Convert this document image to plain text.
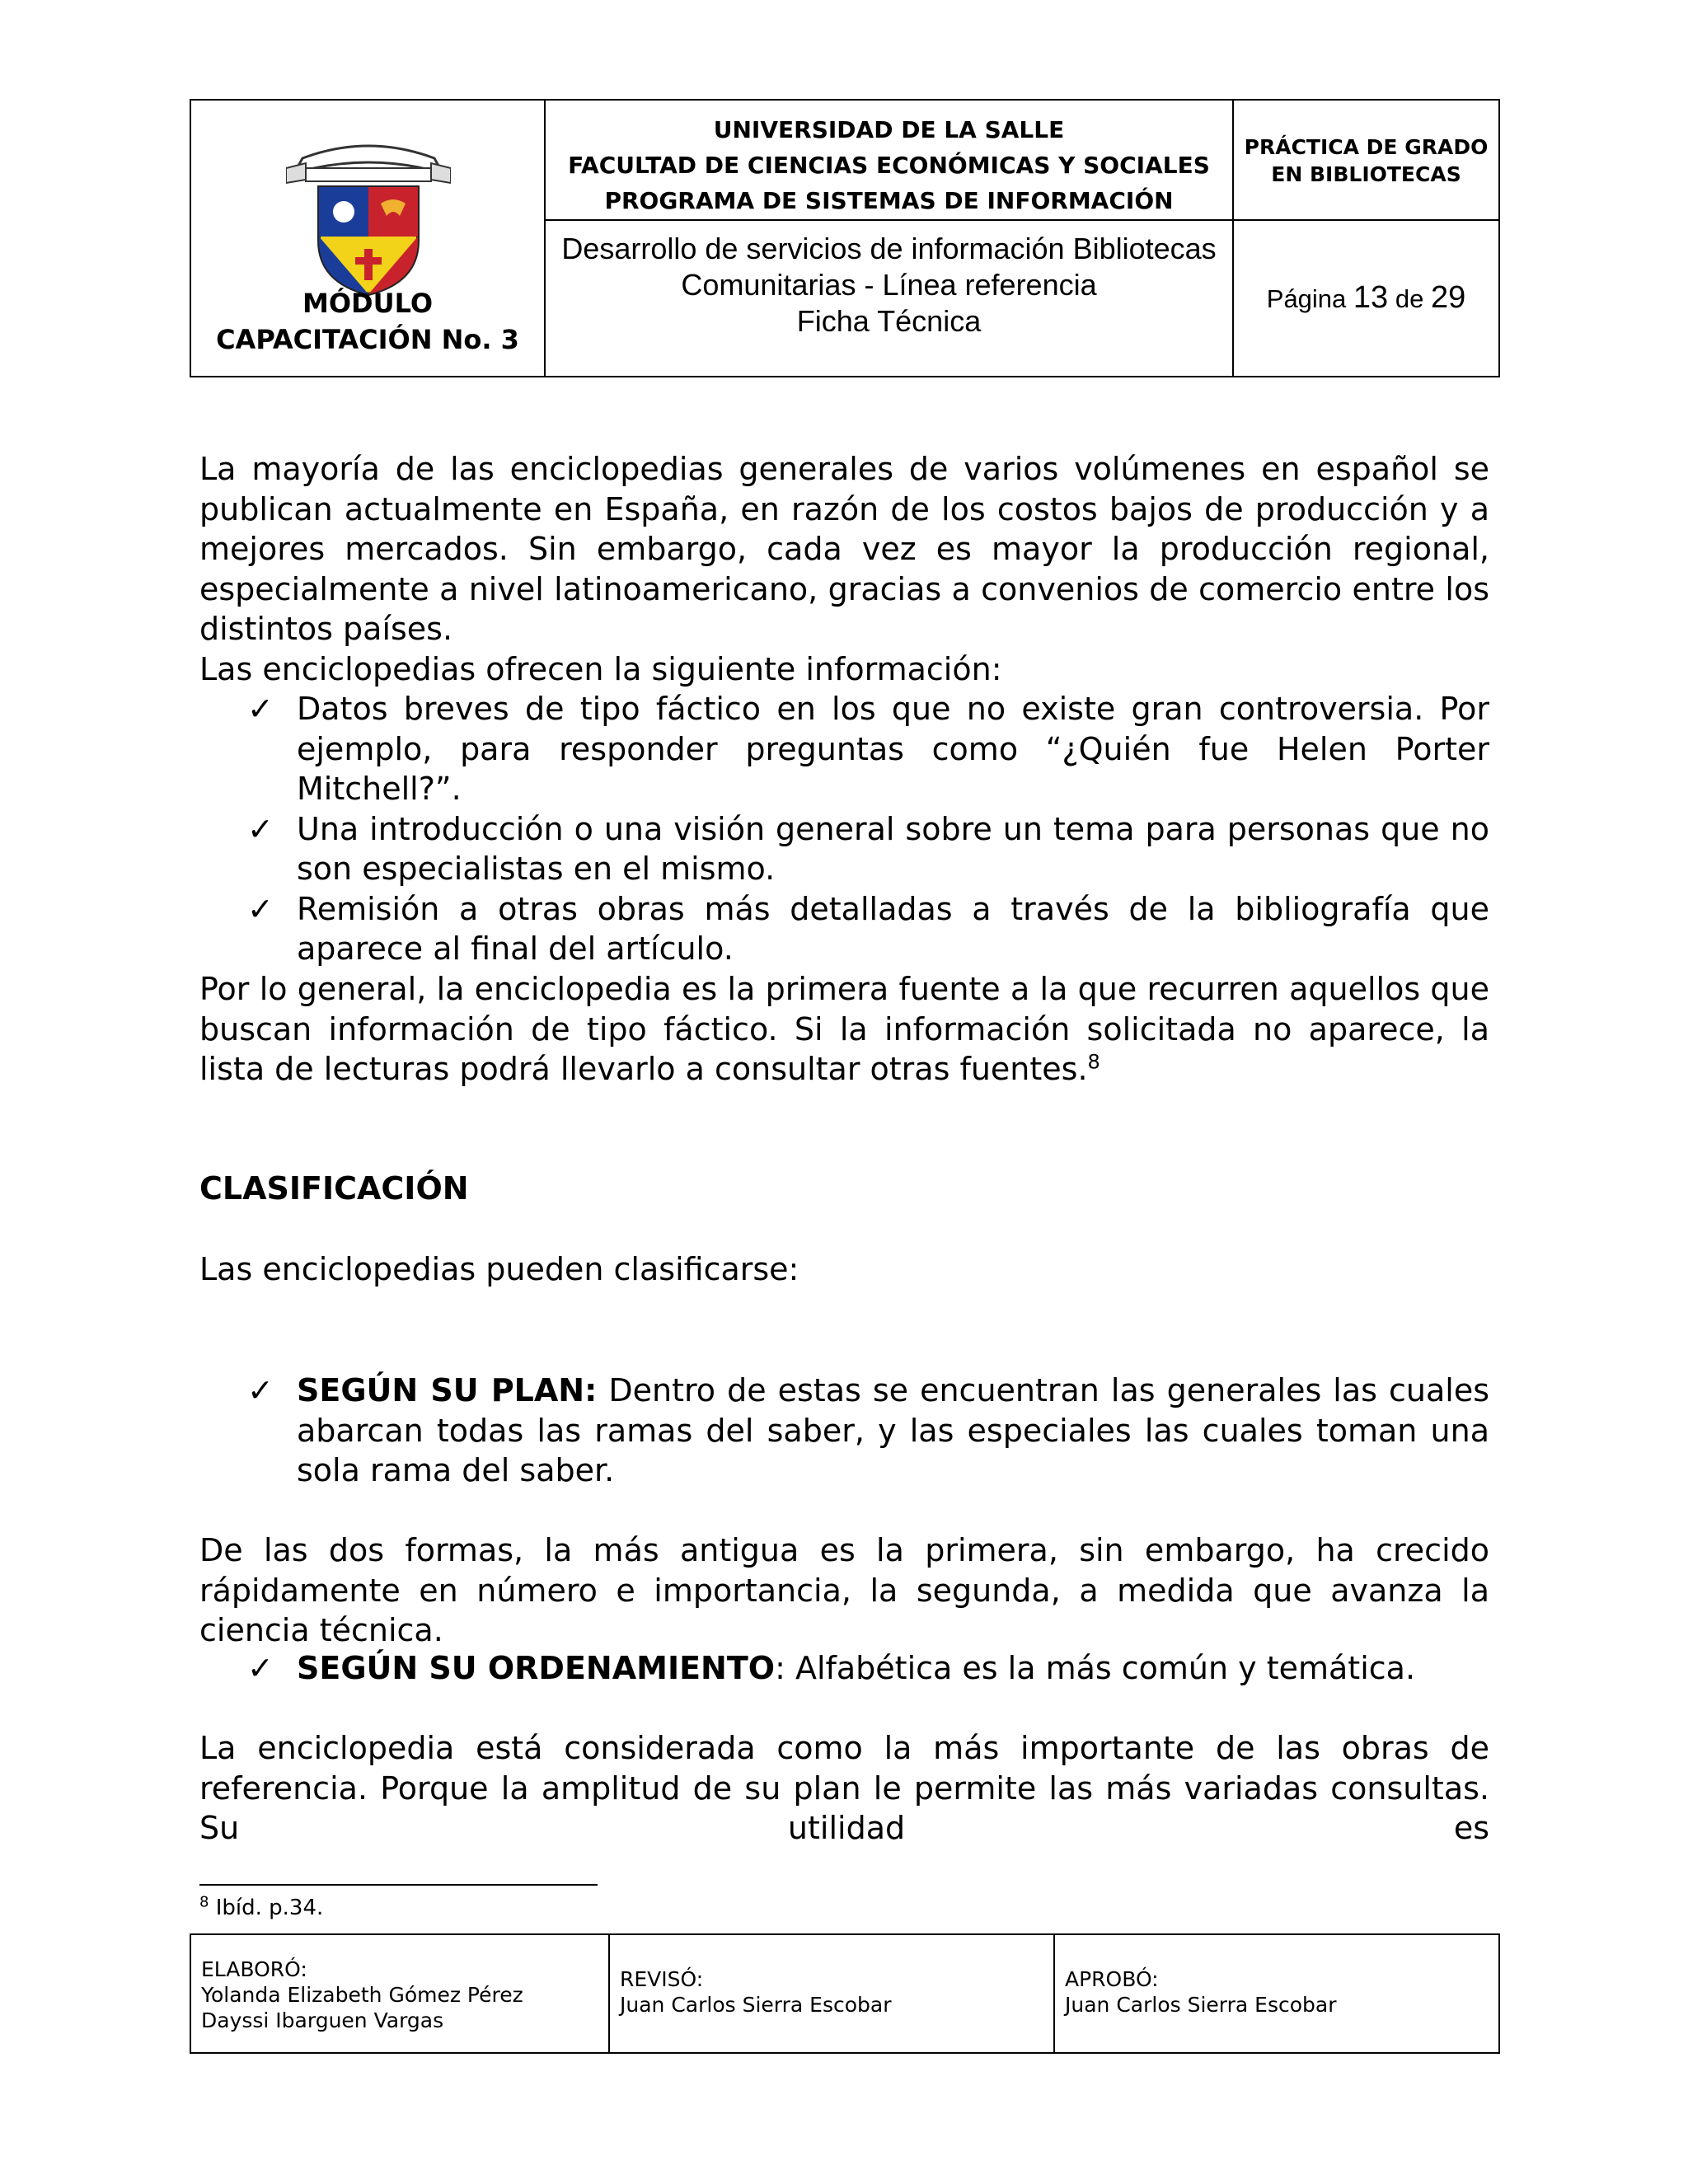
MÓDULO
CAPACITACIÓN No. 3
UNIVERSIDAD DE LA SALLE
FACULTAD DE CIENCIAS ECONÓMICAS Y SOCIALES
PROGRAMA DE SISTEMAS DE INFORMACIÓN
Desarrollo de servicios de información Bibliotecas
Comunitarias - Línea referencia
Ficha Técnica
PRÁCTICA DE GRADO
EN BIBLIOTECAS
Página 13 de 29

La mayoría de las enciclopedias generales de varios volúmenes en español se publican actualmente en España, en razón de los costos bajos de producción y a mejores mercados. Sin embargo, cada vez es mayor la producción regional, especialmente a nivel latinoamericano, gracias a convenios de comercio entre los distintos países.

Las enciclopedias ofrecen la siguiente información:

✓ Datos breves de tipo fáctico en los que no existe gran controversia. Por ejemplo, para responder preguntas como “¿Quién fue Helen Porter Mitchell?”.
✓ Una introducción o una visión general sobre un tema para personas que no son especialistas en el mismo.
✓ Remisión a otras obras más detalladas a través de la bibliografía que aparece al final del artículo.

Por lo general, la enciclopedia es la primera fuente a la que recurren aquellos que buscan información de tipo fáctico. Si la información solicitada no aparece, la lista de lecturas podrá llevarlo a consultar otras fuentes.$^8$

CLASIFICACIÓN

Las enciclopedias pueden clasificarse:

✓ SEGÚN SU PLAN: Dentro de estas se encuentran las generales las cuales abarcan todas las ramas del saber, y las especiales las cuales toman una sola rama del saber.

De las dos formas, la más antigua es la primera, sin embargo, ha crecido rápidamente en número e importancia, la segunda, a medida que avanza la ciencia técnica.

✓ SEGÚN SU ORDENAMIENTO: Alfabética es la más común y temática.

La enciclopedia está considerada como la más importante de las obras de referencia. Porque la amplitud de su plan le permite las más variadas consultas. Su utilidad es

$^8$ Ibíd. p.34.
ELABORÓ:
Yolanda Elizabeth Gómez Pérez
Dayssi Ibarguen Vargas
REVISÓ:
Juan Carlos Sierra Escobar
APROBÓ:
Juan Carlos Sierra Escobar
